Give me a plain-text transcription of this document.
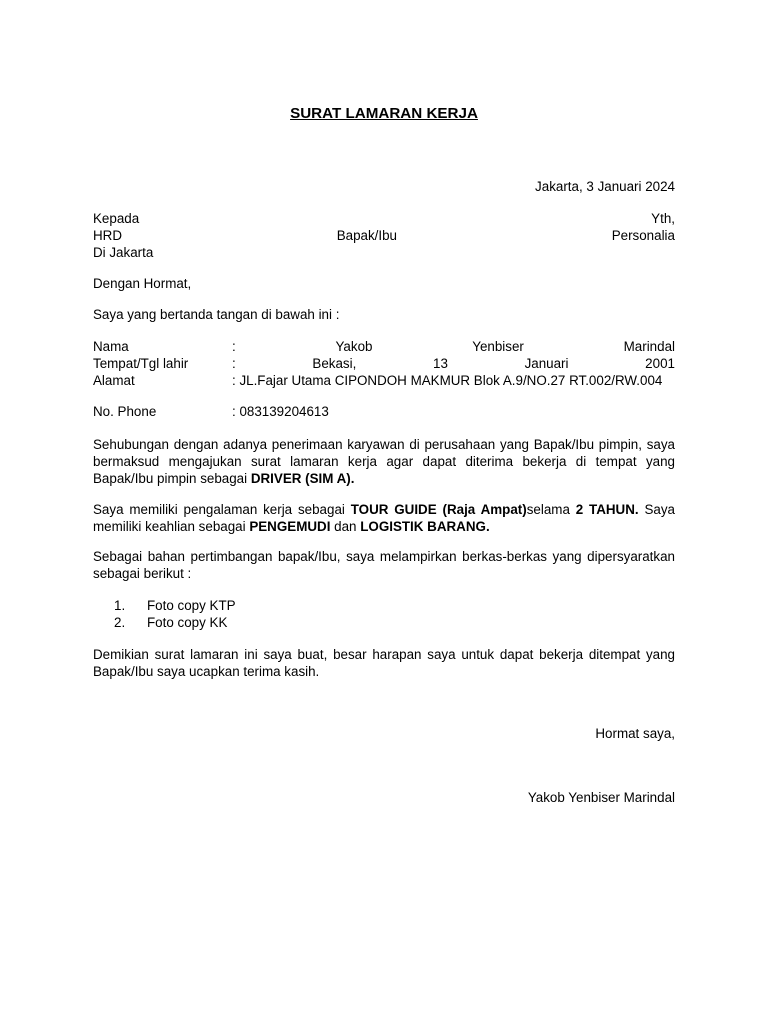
SURAT LAMARAN KERJA
Jakarta, 3 Januari 2024
Kepada	Yth,
HRD	Bapak/Ibu	Personalia
Di Jakarta
Dengan Hormat,
Saya yang bertanda tangan di bawah ini :
Nama	:	Yakob	Yenbiser	Marindal
Tempat/Tgl lahir	:	Bekasi,	13	Januari	2001
Alamat	: JL.Fajar Utama CIPONDOH MAKMUR Blok A.9/NO.27 RT.002/RW.004
No. Phone	: 083139204613
Sehubungan dengan adanya penerimaan karyawan di perusahaan yang Bapak/Ibu pimpin, saya bermaksud mengajukan surat lamaran kerja agar dapat diterima bekerja di tempat yang Bapak/Ibu pimpin sebagai DRIVER (SIM A).
Saya memiliki pengalaman kerja sebagai TOUR GUIDE (Raja Ampat)selama 2 TAHUN. Saya memiliki keahlian sebagai PENGEMUDI dan LOGISTIK BARANG.
Sebagai bahan pertimbangan bapak/Ibu, saya melampirkan berkas-berkas yang dipersyaratkan sebagai berikut :
1.	Foto copy KTP
2.	Foto copy KK
Demikian surat lamaran ini saya buat, besar harapan saya untuk dapat bekerja ditempat yang Bapak/Ibu saya ucapkan terima kasih.
Hormat saya,
Yakob Yenbiser Marindal
